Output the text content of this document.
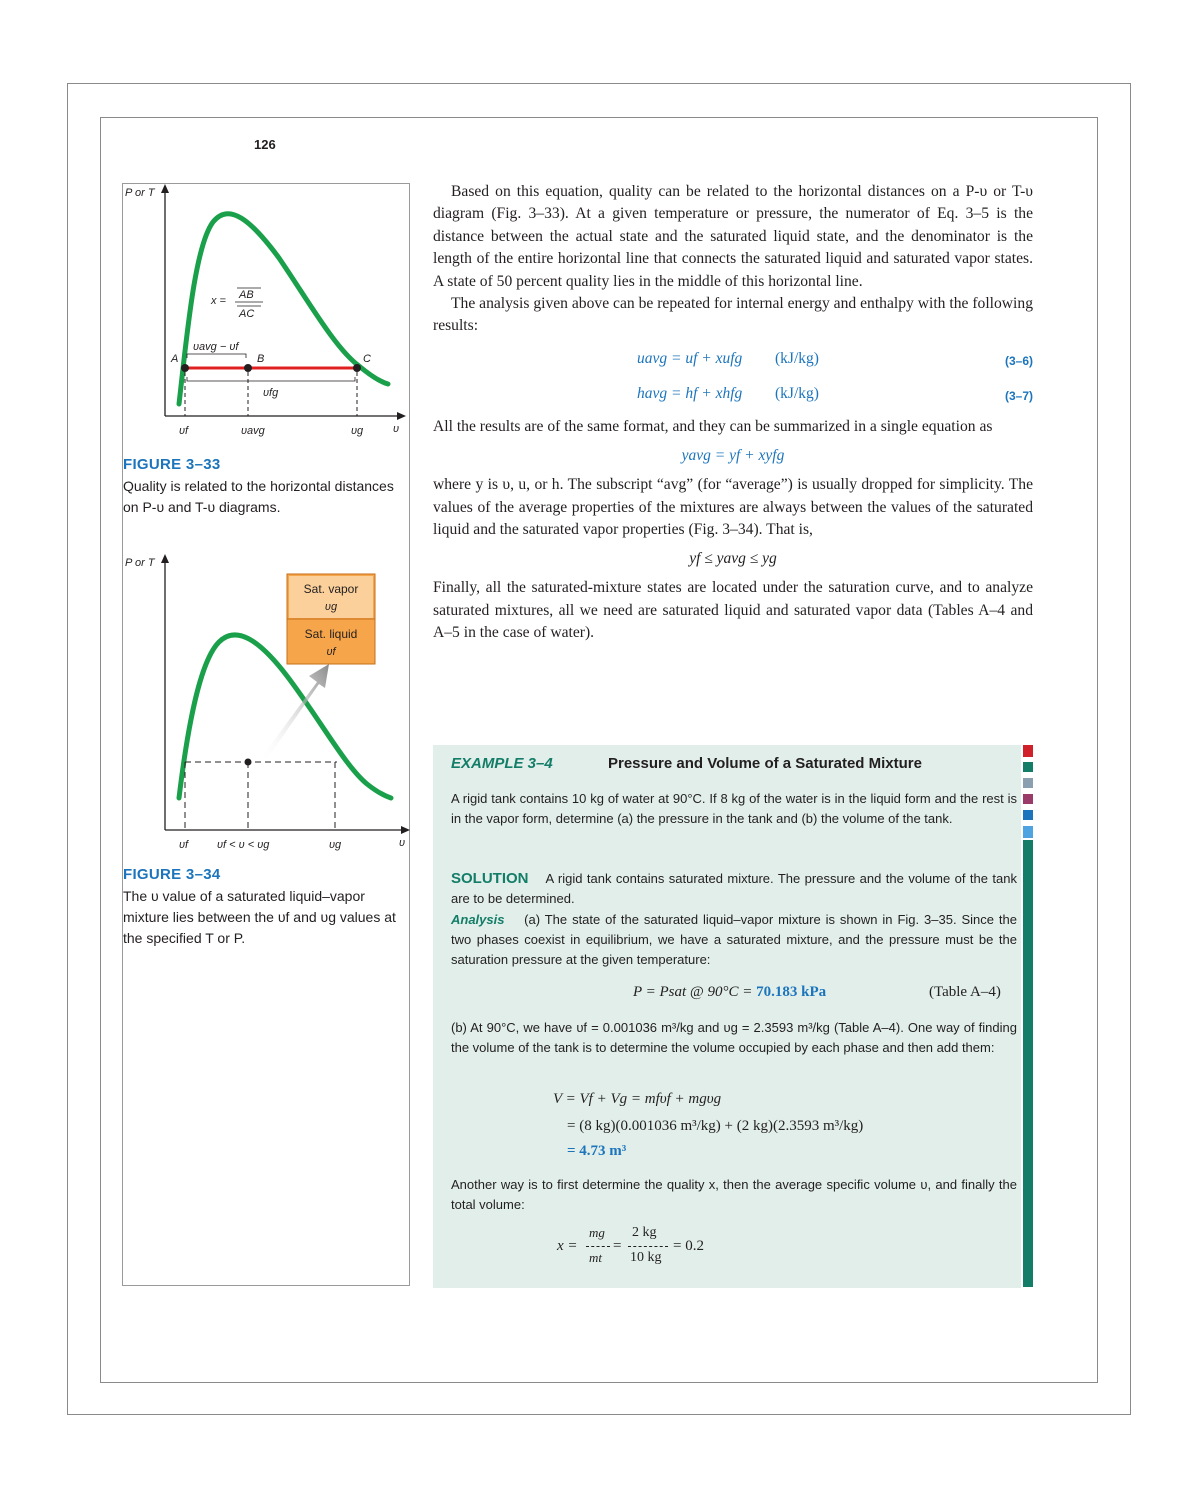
126
P or T
υ
A	B	C
υavg − υf
υfg
x = AB
AC
υf	υavg	υg
FIGURE 3–33
Quality is related to the horizontal distances on P-υ and T-υ diagrams.
P or T
υ
Sat. vapor
υg
Sat. liquid
υf
υf	υf < υ < υg	υg
FIGURE 3–34
The υ value of a saturated liquid–vapor mixture lies between the υf and υg values at the specified T or P.

Based on this equation, quality can be related to the horizontal distances on a P-υ or T-υ diagram (Fig. 3–33). At a given temperature or pressure, the numerator of Eq. 3–5 is the distance between the actual state and the saturated liquid state, and the denominator is the length of the entire horizontal line that connects the saturated liquid and saturated vapor states. A state of 50 percent quality lies in the middle of this horizontal line.

The analysis given above can be repeated for internal energy and enthalpy with the following results:

uavg = uf + xufg (kJ/kg)	(3–6)
havg = hf + xhfg (kJ/kg)	(3–7)

All the results are of the same format, and they can be summarized in a single equation as

yavg = yf + xyfg

where y is υ, u, or h. The subscript “avg” (for “average”) is usually dropped for simplicity. The values of the average properties of the mixtures are always between the values of the saturated liquid and the saturated vapor properties (Fig. 3–34). That is,

yf ≤ yavg ≤ yg

Finally, all the saturated-mixture states are located under the saturation curve, and to analyze saturated mixtures, all we need are saturated liquid and saturated vapor data (Tables A–4 and A–5 in the case of water).

EXAMPLE 3–4	Pressure and Volume of a Saturated Mixture
A rigid tank contains 10 kg of water at 90°C. If 8 kg of the water is in the liquid form and the rest is in the vapor form, determine (a) the pressure in the tank and (b) the volume of the tank.
SOLUTION A rigid tank contains saturated mixture. The pressure and the volume of the tank are to be determined.
Analysis (a) The state of the saturated liquid–vapor mixture is shown in Fig. 3–35. Since the two phases coexist in equilibrium, we have a saturated mixture, and the pressure must be the saturation pressure at the given temperature:
P = Psat @ 90°C = 70.183 kPa	(Table A–4)
(b) At 90°C, we have υf = 0.001036 m³/kg and υg = 2.3593 m³/kg (Table A–4). One way of finding the volume of the tank is to determine the volume occupied by each phase and then add them:
V = Vf + Vg = mfυf + mgυg
= (8 kg)(0.001036 m³/kg) + (2 kg)(2.3593 m³/kg)
= 4.73 m³
Another way is to first determine the quality x, then the average specific volume υ, and finally the total volume:
x =
mg
mt
=
2 kg
10 kg
= 0.2
